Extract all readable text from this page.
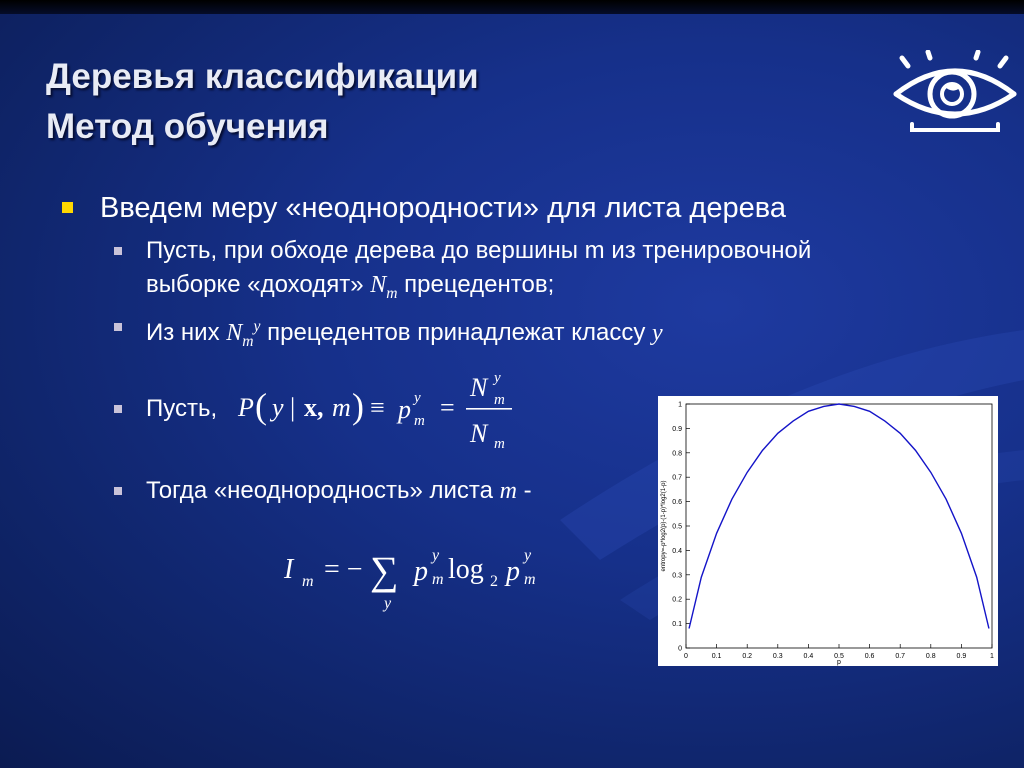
Деревья классификации
Метод обучения
Введем меру «неоднородности» для листа дерева
Пусть, при обходе дерева до вершины m из тренировочной
выборке «доходят» $N_m$ прецедентов;
Из них $N_m^y$ прецедентов принадлежат классу y
Пусть, P ( y | x, m ) ≡ p y
m =
N y
m
N m
Тогда «неоднородность» листа m -
I m = − ∑
y
p
y
m log 2 p
y
m
0	0.1	0.2	0.3	0.4	0.5	0.6	0.7	0.8	0.9	1
0
0.1
0.2
0.3
0.4
0.5
0.6
0.7
0.8
0.9
1
p
entropy=-p*log2(p)-(1-p)*log2(1-p)
